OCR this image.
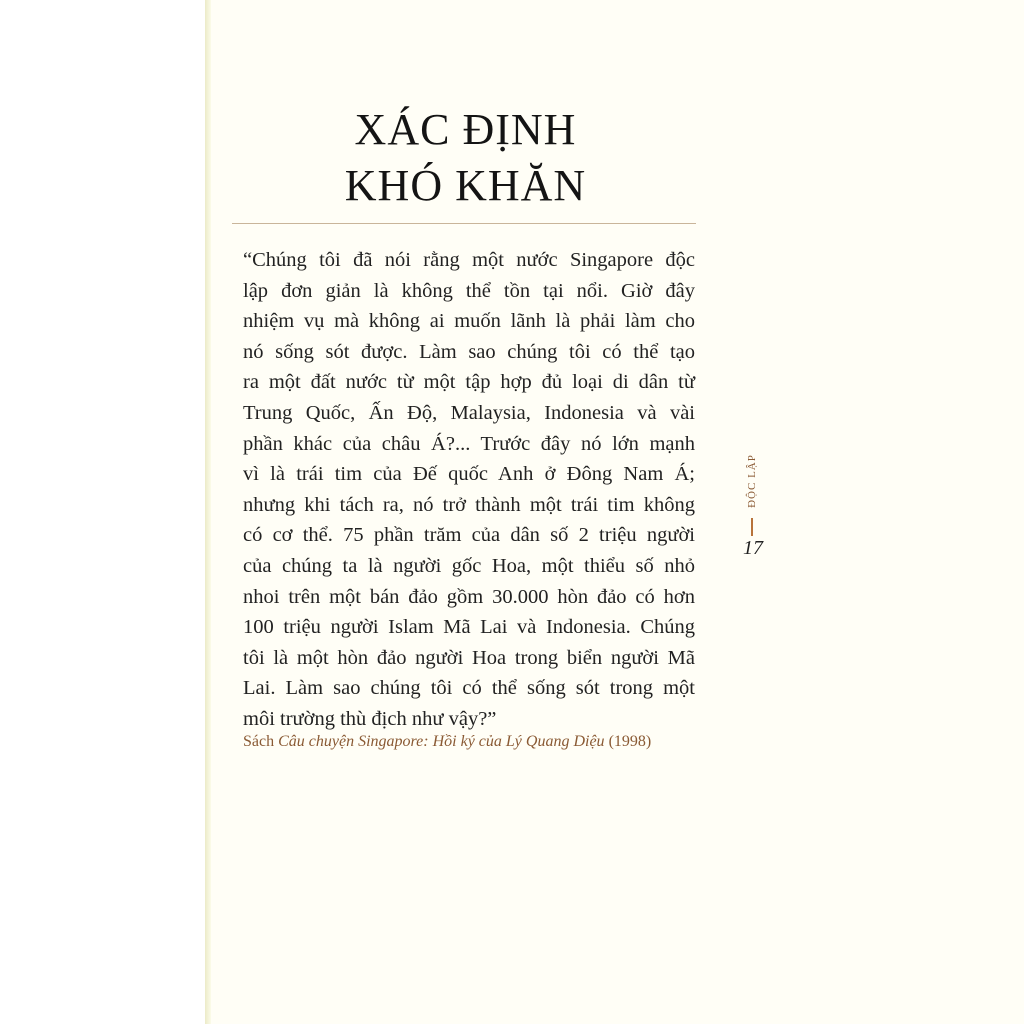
XÁC ĐỊNH
KHÓ KHĂN
“Chúng tôi đã nói rằng một nước Singapore độc
lập đơn giản là không thể tồn tại nổi. Giờ đây
nhiệm vụ mà không ai muốn lãnh là phải làm cho
nó sống sót được. Làm sao chúng tôi có thể tạo
ra một đất nước từ một tập hợp đủ loại di dân từ
Trung Quốc, Ấn Độ, Malaysia, Indonesia và vài
phần khác của châu Á?... Trước đây nó lớn mạnh
vì là trái tim của Đế quốc Anh ở Đông Nam Á;
nhưng khi tách ra, nó trở thành một trái tim không
có cơ thể. 75 phần trăm của dân số 2 triệu người
của chúng ta là người gốc Hoa, một thiểu số nhỏ
nhoi trên một bán đảo gồm 30.000 hòn đảo có hơn
100 triệu người Islam Mã Lai và Indonesia. Chúng
tôi là một hòn đảo người Hoa trong biển người Mã
Lai. Làm sao chúng tôi có thể sống sót trong một
môi trường thù địch như vậy?”
Sách Câu chuyện Singapore: Hồi ký của Lý Quang Diệu (1998)
ĐỘC LẬP
17
